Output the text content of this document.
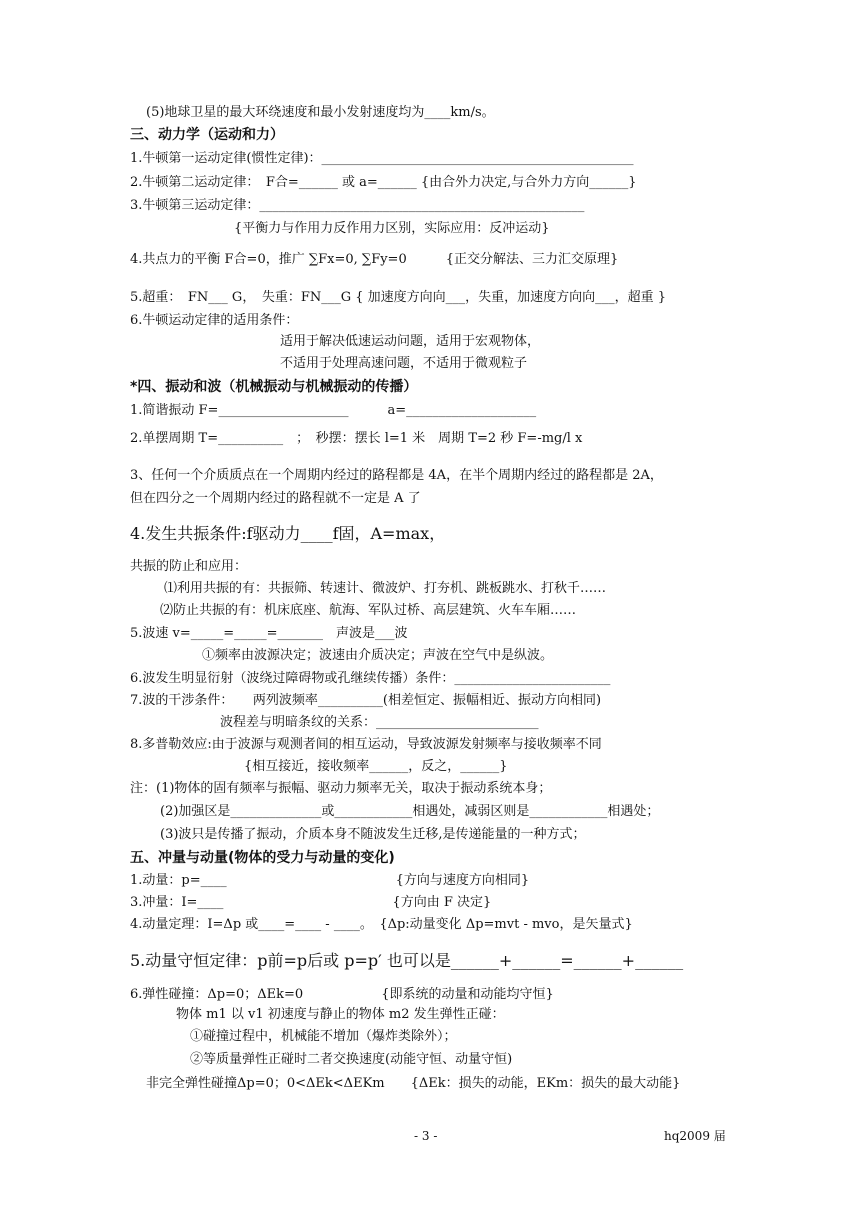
(5)地球卫星的最大环绕速度和最小发射速度均为____km/s。
三、动力学（运动和力）
1.牛顿第一运动定律(惯性定律)：________________________________________________
2.牛顿第二运动定律：　F合=______ 或 a=______ {由合外力决定,与合外力方向______}
3.牛顿第三运动定律：__________________________________________________
{平衡力与作用力反作用力区别，实际应用：反冲运动}
4.共点力的平衡 F合=0，推广 ∑Fx=0, ∑Fy=0　　　{正交分解法、三力汇交原理}
5.超重：　FN___ G，　失重：FN___G { 加速度方向向___，失重，加速度方向向___，超重 }
6.牛顿运动定律的适用条件：
适用于解决低速运动问题，适用于宏观物体，
不适用于处理高速问题，不适用于微观粒子
*四、振动和波（机械振动与机械振动的传播）
1.简谐振动 F=____________________　　　a=____________________
2.单摆周期 T=__________　；　秒摆：摆长 l=1 米　周期 T=2 秒 F=-mg/l x
3、任何一个介质质点在一个周期内经过的路程都是 4A，在半个周期内经过的路程都是 2A，
但在四分之一个周期内经过的路程就不一定是 A 了
4.发生共振条件:f驱动力____f固，A=max，
共振的防止和应用：
⑴利用共振的有：共振筛、转速计、微波炉、打夯机、跳板跳水、打秋千……
⑵防止共振的有：机床底座、航海、军队过桥、高层建筑、火车车厢……
5.波速 v=_____=_____=_______　声波是___波
①频率由波源决定；波速由介质决定；声波在空气中是纵波。
6.波发生明显衍射（波绕过障碍物或孔继续传播）条件：________________________
7.波的干涉条件：　　两列波频率__________(相差恒定、振幅相近、振动方向相同)
波程差与明暗条纹的关系：_________________________
8.多普勒效应:由于波源与观测者间的相互运动，导致波源发射频率与接收频率不同
{相互接近，接收频率______，反之，______}
注：(1)物体的固有频率与振幅、驱动力频率无关，取决于振动系统本身；
(2)加强区是______________或____________相遇处，减弱区则是____________相遇处；
(3)波只是传播了振动，介质本身不随波发生迁移,是传递能量的一种方式；
五、冲量与动量(物体的受力与动量的变化)
1.动量：p=____　　　　　　　　　　　　　{方向与速度方向相同}
3.冲量：I=____　　　　　　　　　　　　　{方向由 F 决定}
4.动量定理：I=Δp 或____=____ - ____。　{Δp:动量变化 Δp=mvt - mvo，是矢量式}
5.动量守恒定律：p前=p后或 p=p′ 也可以是______+______=______+______
6.弹性碰撞：Δp=0；ΔEk=0　　　　　　{即系统的动量和动能均守恒}
物体 m1 以 v1 初速度与静止的物体 m2 发生弹性正碰：
①碰撞过程中，机械能不增加（爆炸类除外）；
②等质量弹性正碰时二者交换速度(动能守恒、动量守恒)
非完全弹性碰撞Δp=0；0<ΔEk<ΔEKm　　{ΔEk：损失的动能，EKm：损失的最大动能}
- 3 -	hq2009 届
